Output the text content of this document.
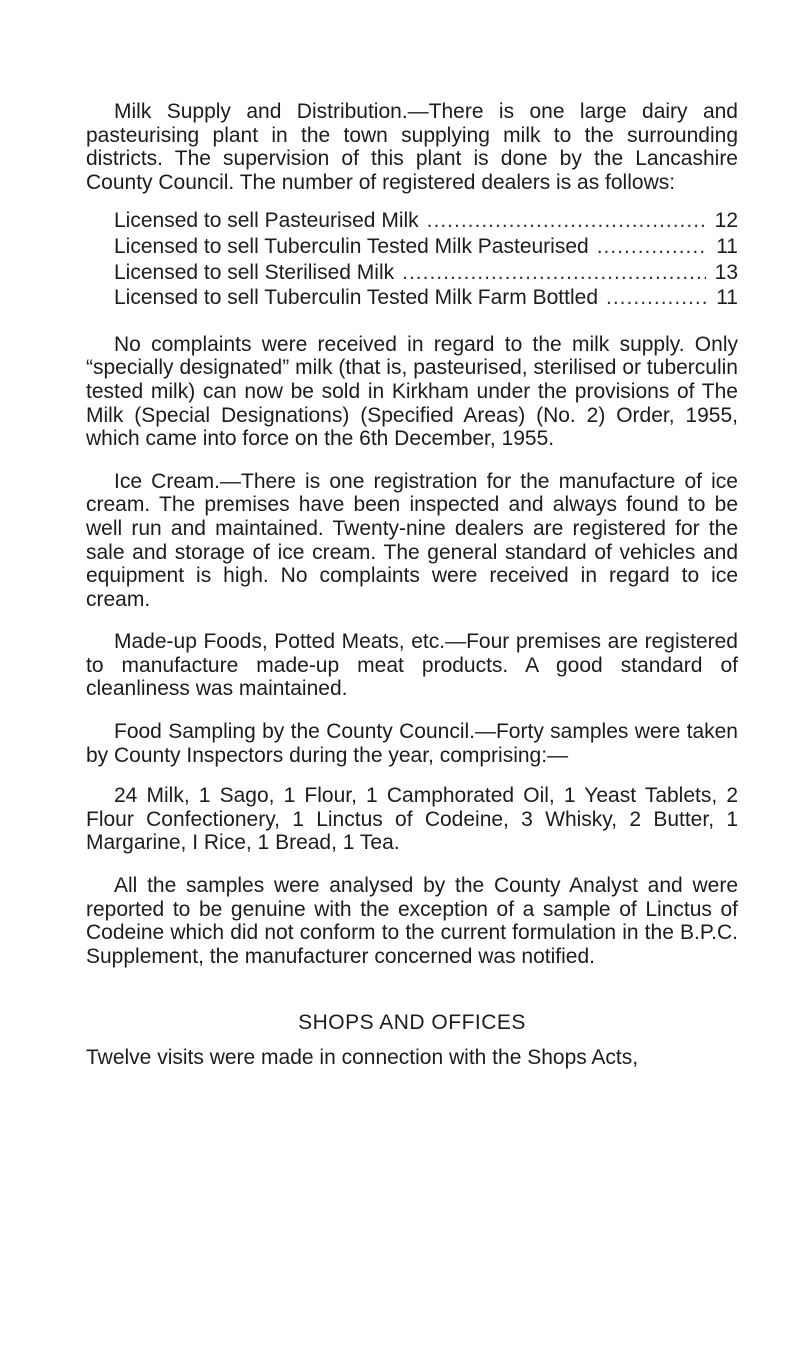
Milk Supply and Distribution.—There is one large dairy and pasteurising plant in the town supplying milk to the surrounding districts. The supervision of this plant is done by the Lancashire County Council. The number of registered dealers is as follows:

Licensed to sell Pasteurised Milk .....	12
Licensed to sell Tuberculin Tested Milk Pasteurised .....	11
Licensed to sell Sterilised Milk .....	13
Licensed to sell Tuberculin Tested Milk Farm Bottled .....	11

No complaints were received in regard to the milk supply. Only “specially designated” milk (that is, pasteurised, sterilised or tuberculin tested milk) can now be sold in Kirkham under the provisions of The Milk (Special Designations) (Specified Areas) (No. 2) Order, 1955, which came into force on the 6th December, 1955.

Ice Cream.—There is one registration for the manufacture of ice cream. The premises have been inspected and always found to be well run and maintained. Twenty-nine dealers are registered for the sale and storage of ice cream. The general standard of vehicles and equipment is high. No complaints were received in regard to ice cream.

Made-up Foods, Potted Meats, etc.—Four premises are registered to manufacture made-up meat products. A good standard of cleanliness was maintained.

Food Sampling by the County Council.—Forty samples were taken by County Inspectors during the year, comprising:—

24 Milk, 1 Sago, 1 Flour, 1 Camphorated Oil, 1 Yeast Tablets, 2 Flour Confectionery, 1 Linctus of Codeine, 3 Whisky, 2 Butter, 1 Margarine, I Rice, 1 Bread, 1 Tea.

All the samples were analysed by the County Analyst and were reported to be genuine with the exception of a sample of Linctus of Codeine which did not conform to the current formulation in the B.P.C. Supplement, the manufacturer concerned was notified.

SHOPS AND OFFICES

Twelve visits were made in connection with the Shops Acts,
